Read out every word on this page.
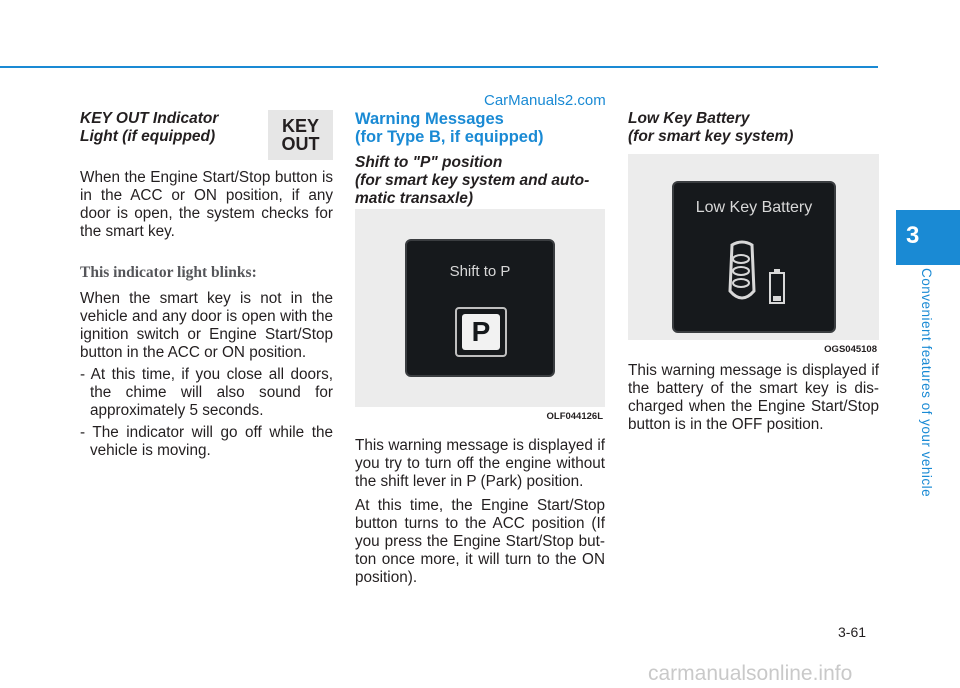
CarManuals2.com

KEY OUT Indicator

Light (if equipped)

When the Engine Start/Stop button is in the ACC or ON position, if any door is open, the system checks for the smart key.

This indicator light blinks:

When the smart key is not in the vehicle and any door is open with the ignition switch or Engine Start/Stop button in the ACC or ON position.

- At this time, if you close all doors, the chime will also sound for approximately 5 seconds.

- The indicator will go off while the vehicle is moving.

KEY
OUT

Warning Messages

(for Type B, if equipped)

Shift to "P" position

(for smart key system and auto-

matic transaxle)

Shift to P
P
OLF044126L

This warning message is displayed if you try to turn off the engine without the shift lever in P (Park) position.

At this time, the Engine Start/Stop button turns to the ACC position (If you press the Engine Start/Stop but-ton once more, it will turn to the ON position).

Low Key Battery

(for smart key system)

Low Key Battery
OGS045108

This warning message is displayed if the battery of the smart key is dis-charged when the Engine Start/Stop button is in the OFF position.

3
Convenient features of your vehicle
3-61
carmanualsonline.info
